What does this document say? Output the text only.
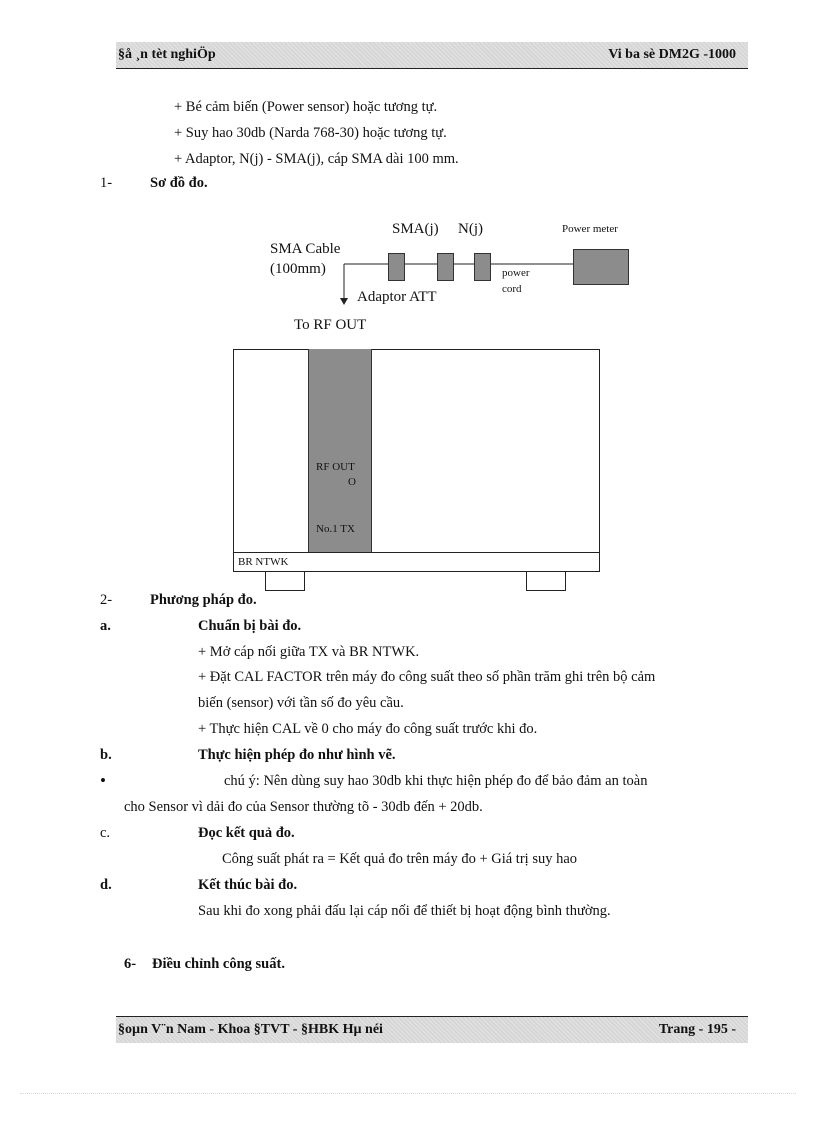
§å ¸n tèt nghiÖp	Vi ba sè DM2G -1000
+ Bé cảm biến (Power sensor) hoặc tương tự.
+ Suy hao 30db (Narda 768-30) hoặc tương tự.
+ Adaptor, N(j) - SMA(j), cáp SMA dài 100 mm.
1-	Sơ đồ đo.
SMA Cable
(100mm)
SMA(j) N(j)	Power meter
power
cord
Adaptor ATT
To RF OUT
RF OUT
O
No.1 TX
BR NTWK
2-	Phương pháp đo.
a.	Chuẩn bị bài đo.
+ Mở cáp nối giữa TX và BR NTWK.
+ Đặt CAL FACTOR trên máy đo công suất theo số phần trăm ghi trên bộ cảm
biến (sensor) với tần số đo yêu cầu.
+ Thực hiện CAL về 0 cho máy đo công suất trước khi đo.
b.	Thực hiện phép đo như hình vẽ.
•	chú ý: Nên dùng suy hao 30db khi thực hiện phép đo để bảo đảm an toàn
cho Sensor vì dải đo của Sensor thường tõ - 30db đến + 20db.
c.	Đọc kết quả đo.
Công suất phát ra = Kết quả đo trên máy đo + Giá trị suy hao
d.	Kết thúc bài đo.
Sau khi đo xong phải đấu lại cáp nối để thiết bị hoạt động bình thường.
6- Điều chỉnh công suất.
§oµn V¨n Nam - Khoa §TVT - §HBK Hµ néi	Trang - 195 -
